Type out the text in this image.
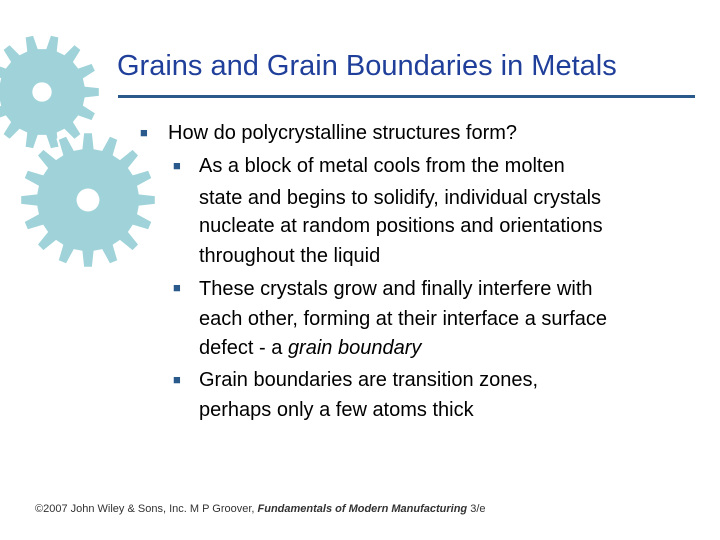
Grains and Grain Boundaries in Metals
■ How do polycrystalline structures form?
■ As a block of metal cools from the molten
state and begins to solidify, individual crystals
nucleate at random positions and orientations
throughout the liquid
■ These crystals grow and finally interfere with
each other, forming at their interface a surface
defect ‑ a grain boundary
■ Grain boundaries are transition zones,
perhaps only a few atoms thick
©2007 John Wiley & Sons, Inc. M P Groover, Fundamentals of Modern Manufacturing 3/e
